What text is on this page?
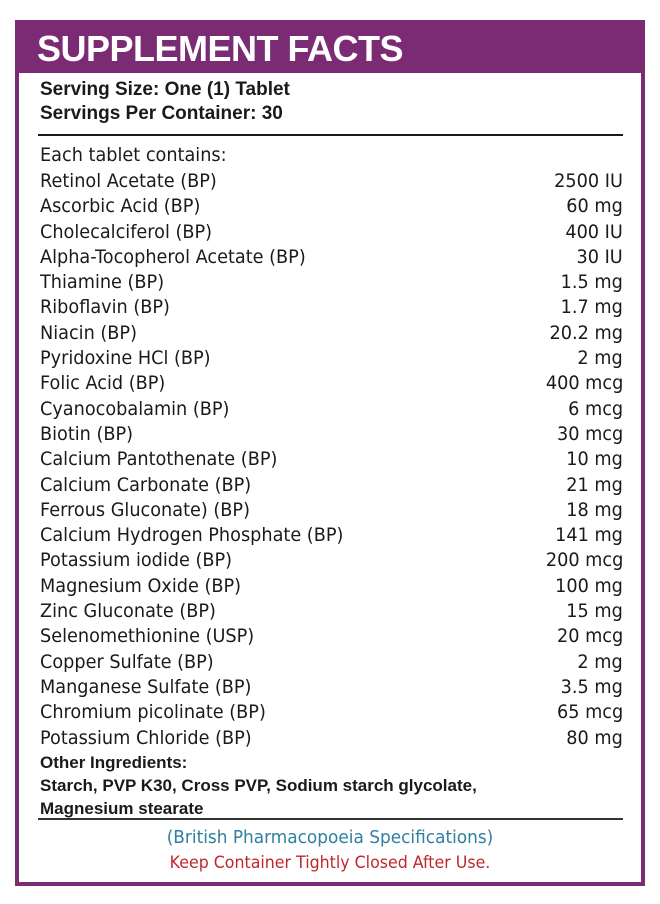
SUPPLEMENT FACTS
Serving Size: One (1) Tablet
Servings Per Container: 30
Each tablet contains:
Retinol Acetate (BP)	2500 IU
Ascorbic Acid (BP)	60 mg
Cholecalciferol (BP)	400 IU
Alpha-Tocopherol Acetate (BP)	30 IU
Thiamine (BP)	1.5 mg
Riboflavin (BP)	1.7 mg
Niacin (BP)	20.2 mg
Pyridoxine HCl (BP)	2 mg
Folic Acid (BP)	400 mcg
Cyanocobalamin (BP)	6 mcg
Biotin (BP)	30 mcg
Calcium Pantothenate (BP)	10 mg
Calcium Carbonate (BP)	21 mg
Ferrous Gluconate) (BP)	18 mg
Calcium Hydrogen Phosphate (BP)	141 mg
Potassium iodide (BP)	200 mcg
Magnesium Oxide (BP)	100 mg
Zinc Gluconate (BP)	15 mg
Selenomethionine (USP)	20 mcg
Copper Sulfate (BP)	2 mg
Manganese Sulfate (BP)	3.5 mg
Chromium picolinate (BP)	65 mcg
Potassium Chloride (BP)	80 mg
Other Ingredients:
Starch, PVP K30, Cross PVP, Sodium starch glycolate, Magnesium stearate
(British Pharmacopoeia Specifications)
Keep Container Tightly Closed After Use.
